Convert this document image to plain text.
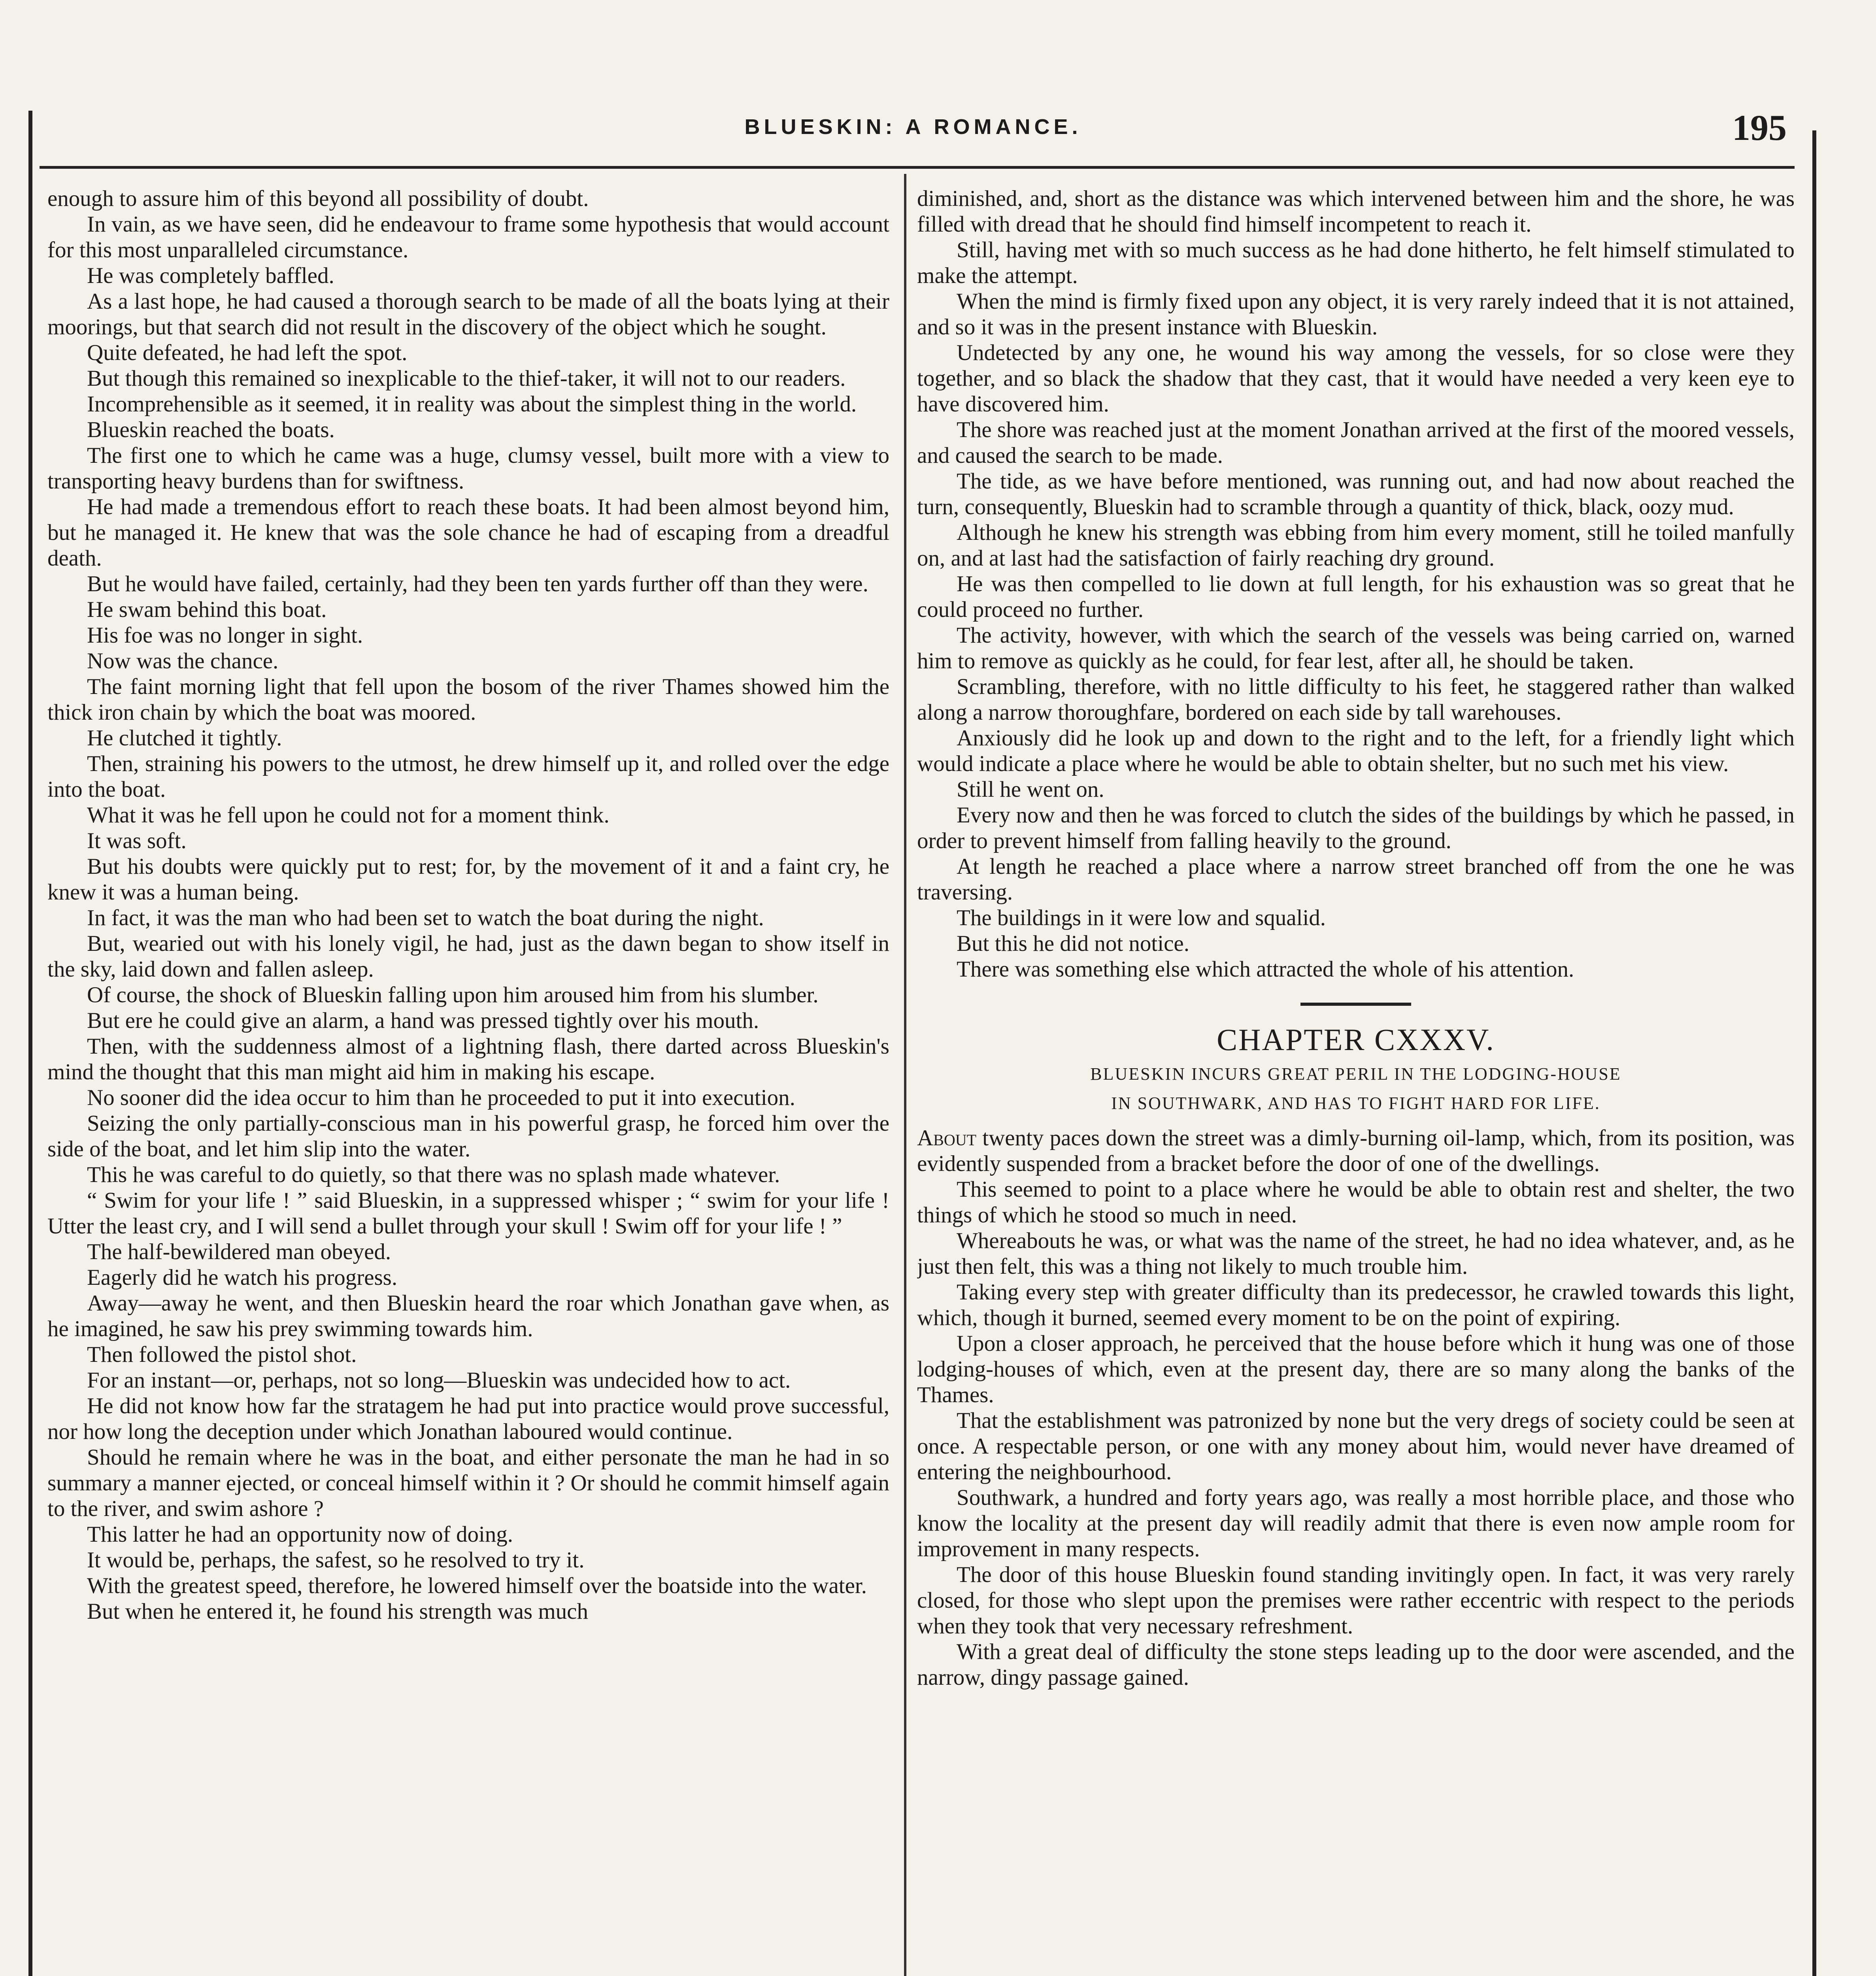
BLUESKIN: A ROMANCE.	195

enough to assure him of this beyond all possibility of doubt.

In vain, as we have seen, did he endeavour to frame some hypothesis that would account for this most unparalleled circumstance.

He was completely baffled.

As a last hope, he had caused a thorough search to be made of all the boats lying at their moorings, but that search did not result in the discovery of the object which he sought.

Quite defeated, he had left the spot.

But though this remained so inexplicable to the thief-taker, it will not to our readers.

Incomprehensible as it seemed, it in reality was about the simplest thing in the world.

Blueskin reached the boats.

The first one to which he came was a huge, clumsy vessel, built more with a view to transporting heavy burdens than for swiftness.

He had made a tremendous effort to reach these boats. It had been almost beyond him, but he managed it. He knew that was the sole chance he had of escaping from a dreadful death.

But he would have failed, certainly, had they been ten yards further off than they were.

He swam behind this boat.

His foe was no longer in sight.

Now was the chance.

The faint morning light that fell upon the bosom of the river Thames showed him the thick iron chain by which the boat was moored.

He clutched it tightly.

Then, straining his powers to the utmost, he drew himself up it, and rolled over the edge into the boat.

What it was he fell upon he could not for a moment think.

It was soft.

But his doubts were quickly put to rest; for, by the movement of it and a faint cry, he knew it was a human being.

In fact, it was the man who had been set to watch the boat during the night.

But, wearied out with his lonely vigil, he had, just as the dawn began to show itself in the sky, laid down and fallen asleep.

Of course, the shock of Blueskin falling upon him aroused him from his slumber.

But ere he could give an alarm, a hand was pressed tightly over his mouth.

Then, with the suddenness almost of a lightning flash, there darted across Blueskin's mind the thought that this man might aid him in making his escape.

No sooner did the idea occur to him than he proceeded to put it into execution.

Seizing the only partially-conscious man in his powerful grasp, he forced him over the side of the boat, and let him slip into the water.

This he was careful to do quietly, so that there was no splash made whatever.

“ Swim for your life ! ” said Blueskin, in a suppressed whisper ; “ swim for your life ! Utter the least cry, and I will send a bullet through your skull ! Swim off for your life ! ”

The half-bewildered man obeyed.

Eagerly did he watch his progress.

Away—away he went, and then Blueskin heard the roar which Jonathan gave when, as he imagined, he saw his prey swimming towards him.

Then followed the pistol shot.

For an instant—or, perhaps, not so long—Blueskin was undecided how to act.

He did not know how far the stratagem he had put into practice would prove successful, nor how long the deception under which Jonathan laboured would continue.

Should he remain where he was in the boat, and either personate the man he had in so summary a manner ejected, or conceal himself within it ? Or should he commit himself again to the river, and swim ashore ?

This latter he had an opportunity now of doing.

It would be, perhaps, the safest, so he resolved to try it.

With the greatest speed, therefore, he lowered himself over the boatside into the water.

But when he entered it, he found his strength was much

diminished, and, short as the distance was which intervened between him and the shore, he was filled with dread that he should find himself incompetent to reach it.

Still, having met with so much success as he had done hitherto, he felt himself stimulated to make the attempt.

When the mind is firmly fixed upon any object, it is very rarely indeed that it is not attained, and so it was in the present instance with Blueskin.

Undetected by any one, he wound his way among the vessels, for so close were they together, and so black the shadow that they cast, that it would have needed a very keen eye to have discovered him.

The shore was reached just at the moment Jonathan arrived at the first of the moored vessels, and caused the search to be made.

The tide, as we have before mentioned, was running out, and had now about reached the turn, consequently, Blueskin had to scramble through a quantity of thick, black, oozy mud.

Although he knew his strength was ebbing from him every moment, still he toiled manfully on, and at last had the satisfaction of fairly reaching dry ground.

He was then compelled to lie down at full length, for his exhaustion was so great that he could proceed no further.

The activity, however, with which the search of the vessels was being carried on, warned him to remove as quickly as he could, for fear lest, after all, he should be taken.

Scrambling, therefore, with no little difficulty to his feet, he staggered rather than walked along a narrow thoroughfare, bordered on each side by tall warehouses.

Anxiously did he look up and down to the right and to the left, for a friendly light which would indicate a place where he would be able to obtain shelter, but no such met his view.

Still he went on.

Every now and then he was forced to clutch the sides of the buildings by which he passed, in order to prevent himself from falling heavily to the ground.

At length he reached a place where a narrow street branched off from the one he was traversing.

The buildings in it were low and squalid.

But this he did not notice.

There was something else which attracted the whole of his attention.

CHAPTER CXXXV.
BLUESKIN INCURS GREAT PERIL IN THE LODGING-HOUSE
IN SOUTHWARK, AND HAS TO FIGHT HARD FOR LIFE.

About twenty paces down the street was a dimly-burning oil-lamp, which, from its position, was evidently suspended from a bracket before the door of one of the dwellings.

This seemed to point to a place where he would be able to obtain rest and shelter, the two things of which he stood so much in need.

Whereabouts he was, or what was the name of the street, he had no idea whatever, and, as he just then felt, this was a thing not likely to much trouble him.

Taking every step with greater difficulty than its predecessor, he crawled towards this light, which, though it burned, seemed every moment to be on the point of expiring.

Upon a closer approach, he perceived that the house before which it hung was one of those lodging-houses of which, even at the present day, there are so many along the banks of the Thames.

That the establishment was patronized by none but the very dregs of society could be seen at once. A respectable person, or one with any money about him, would never have dreamed of entering the neighbourhood.

Southwark, a hundred and forty years ago, was really a most horrible place, and those who know the locality at the present day will readily admit that there is even now ample room for improvement in many respects.

The door of this house Blueskin found standing invitingly open. In fact, it was very rarely closed, for those who slept upon the premises were rather eccentric with respect to the periods when they took that very necessary refreshment.

With a great deal of difficulty the stone steps leading up to the door were ascended, and the narrow, dingy passage gained.
